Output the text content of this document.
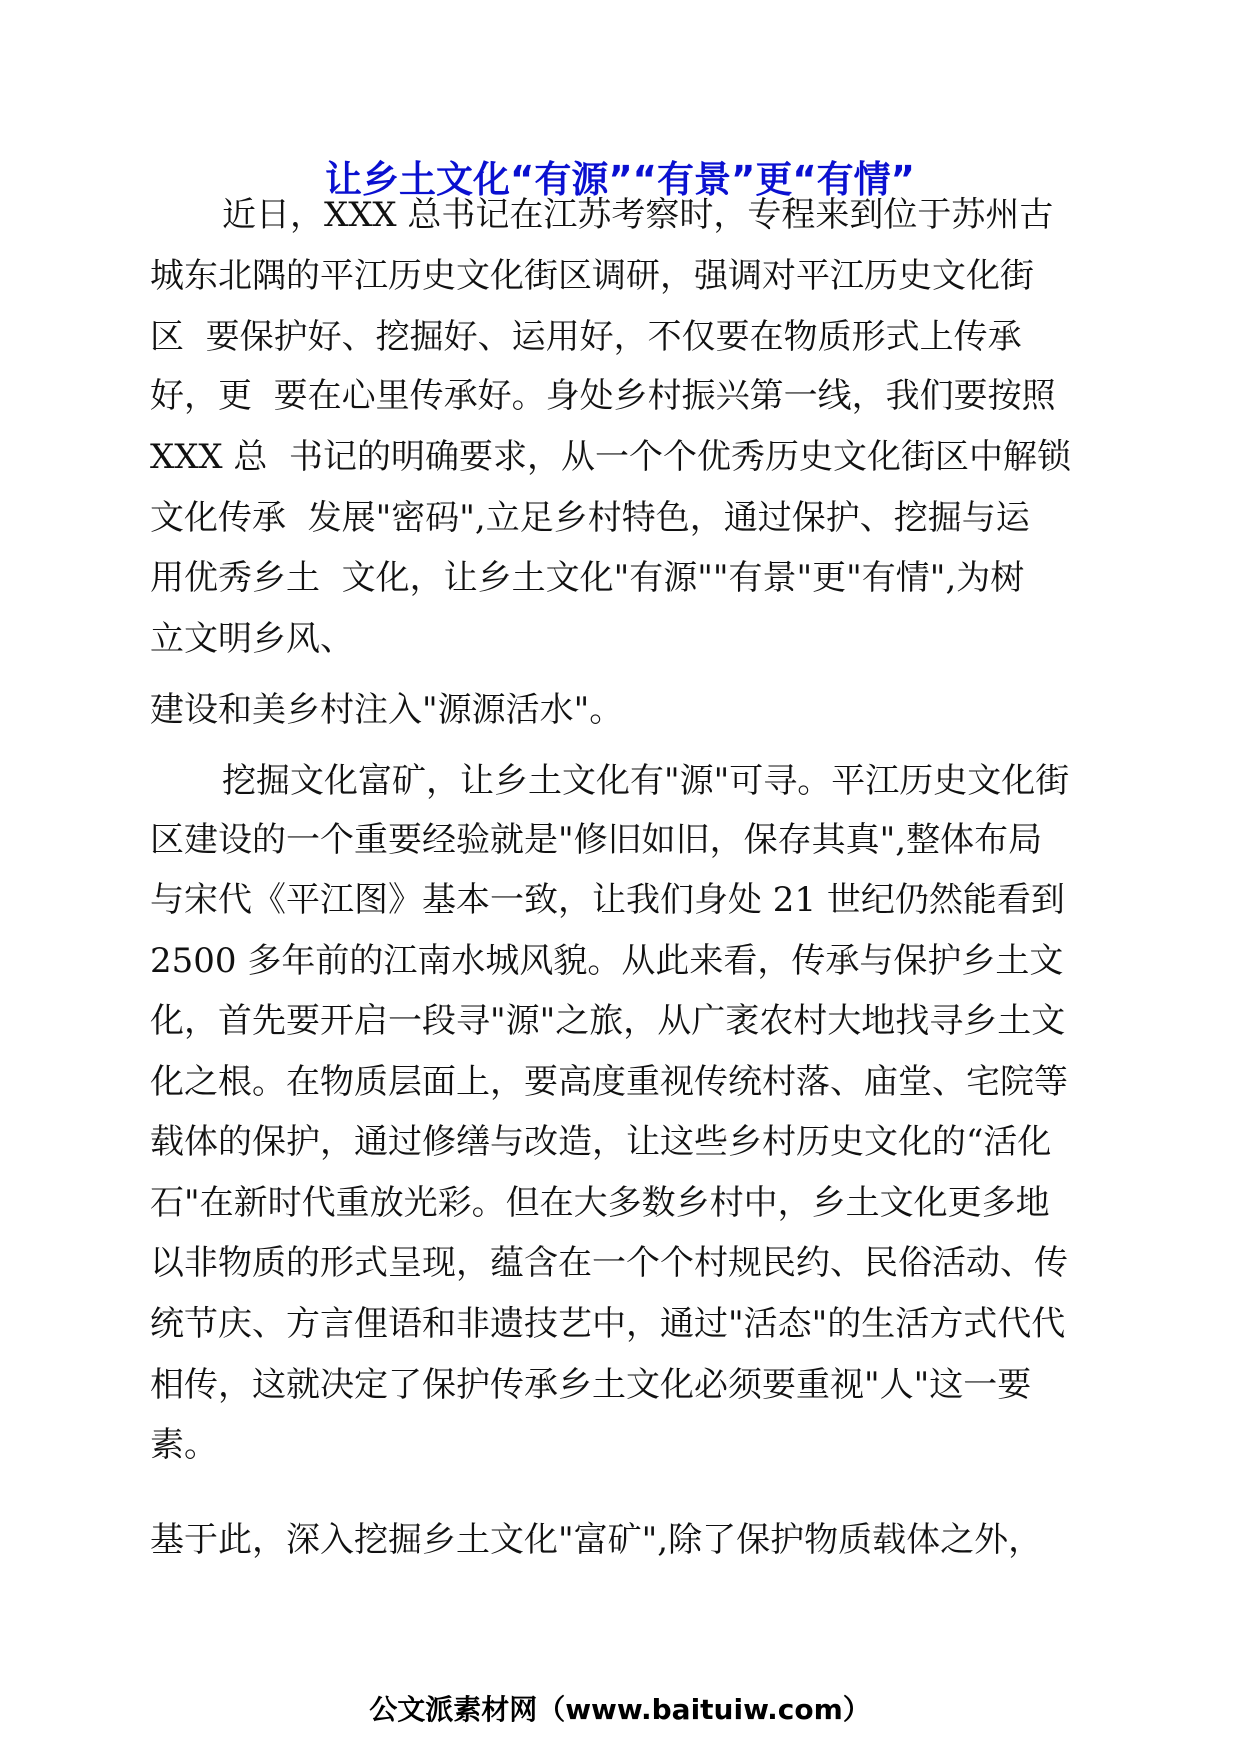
让乡土文化“有源”“有景”更“有情”
近日，XXX 总书记在江苏考察时，专程来到位于苏州古
城东北隅的平江历史文化街区调研，强调对平江历史文化街
区  要保护好、挖掘好、运用好，不仅要在物质形式上传承
好，更  要在心里传承好。身处乡村振兴第一线，我们要按照
XXX 总  书记的明确要求，从一个个优秀历史文化街区中解锁
文化传承  发展"密码",立足乡村特色，通过保护、挖掘与运
用优秀乡土  文化，让乡土文化"有源""有景"更"有情",为树
立文明乡风、
建设和美乡村注入"源源活水"。
挖掘文化富矿，让乡土文化有"源"可寻。平江历史文化街
区建设的一个重要经验就是"修旧如旧，保存其真",整体布局
与宋代《平江图》基本一致，让我们身处 21 世纪仍然能看到
2500 多年前的江南水城风貌。从此来看，传承与保护乡土文
化，首先要开启一段寻"源"之旅，从广袤农村大地找寻乡土文
化之根。在物质层面上，要高度重视传统村落、庙堂、宅院等
载体的保护，通过修缮与改造，让这些乡村历史文化的“活化
石"在新时代重放光彩。但在大多数乡村中，乡土文化更多地
以非物质的形式呈现，蕴含在一个个村规民约、民俗活动、传
统节庆、方言俚语和非遗技艺中，通过"活态"的生活方式代代
相传，这就决定了保护传承乡土文化必须要重视"人"这一要
素。
基于此，深入挖掘乡土文化"富矿",除了保护物质载体之外，
公文派素材网（www.baituiw.com）
